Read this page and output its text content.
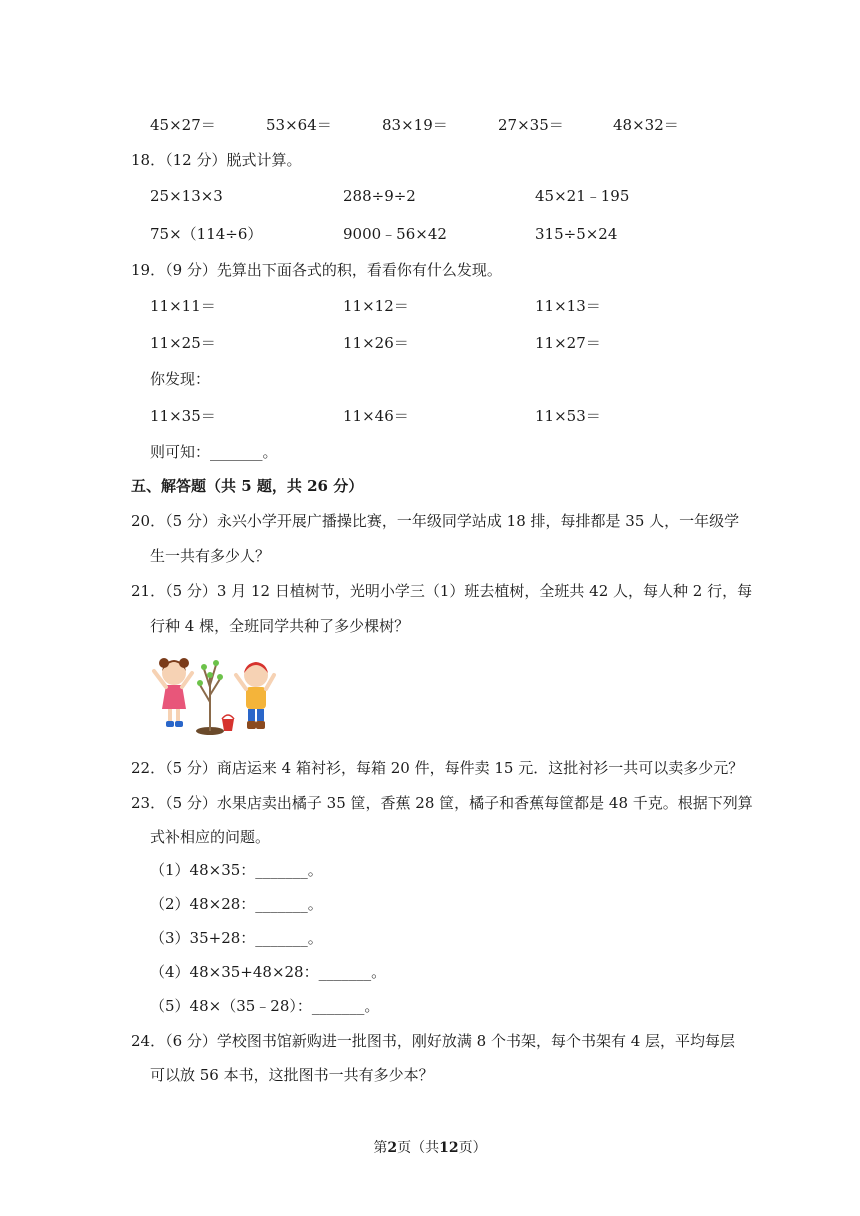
45×27＝	53×64＝	83×19＝	27×35＝	48×32＝
18．（12 分）脱式计算。
25×13×3	288÷9÷2	45×21﹣195
75×（114÷6）	9000﹣56×42	315÷5×24
19．（9 分）先算出下面各式的积，看看你有什么发现。
11×11＝	11×12＝	11×13＝
11×25＝	11×26＝	11×27＝
你发现：
11×35＝	11×46＝	11×53＝
则可知：_______。
五、解答题（共 5 题，共 26 分）
20．（5 分）永兴小学开展广播操比赛，一年级同学站成 18 排，每排都是 35 人，一年级学
生一共有多少人？
21．（5 分）3 月 12 日植树节，光明小学三（1）班去植树，全班共 42 人，每人种 2 行，每
行种 4 棵，全班同学共种了多少棵树？
22．（5 分）商店运来 4 箱衬衫，每箱 20 件，每件卖 15 元．这批衬衫一共可以卖多少元？
23．（5 分）水果店卖出橘子 35 筐，香蕉 28 筐，橘子和香蕉每筐都是 48 千克。根据下列算
式补相应的问题。
（1）48×35：_______。
（2）48×28：_______。
（3）35+28：_______。
（4）48×35+48×28：_______。
（5）48×（35﹣28）：_______。
24．（6 分）学校图书馆新购进一批图书，刚好放满 8 个书架，每个书架有 4 层，平均每层
可以放 56 本书，这批图书一共有多少本？
第2页（共12页）
